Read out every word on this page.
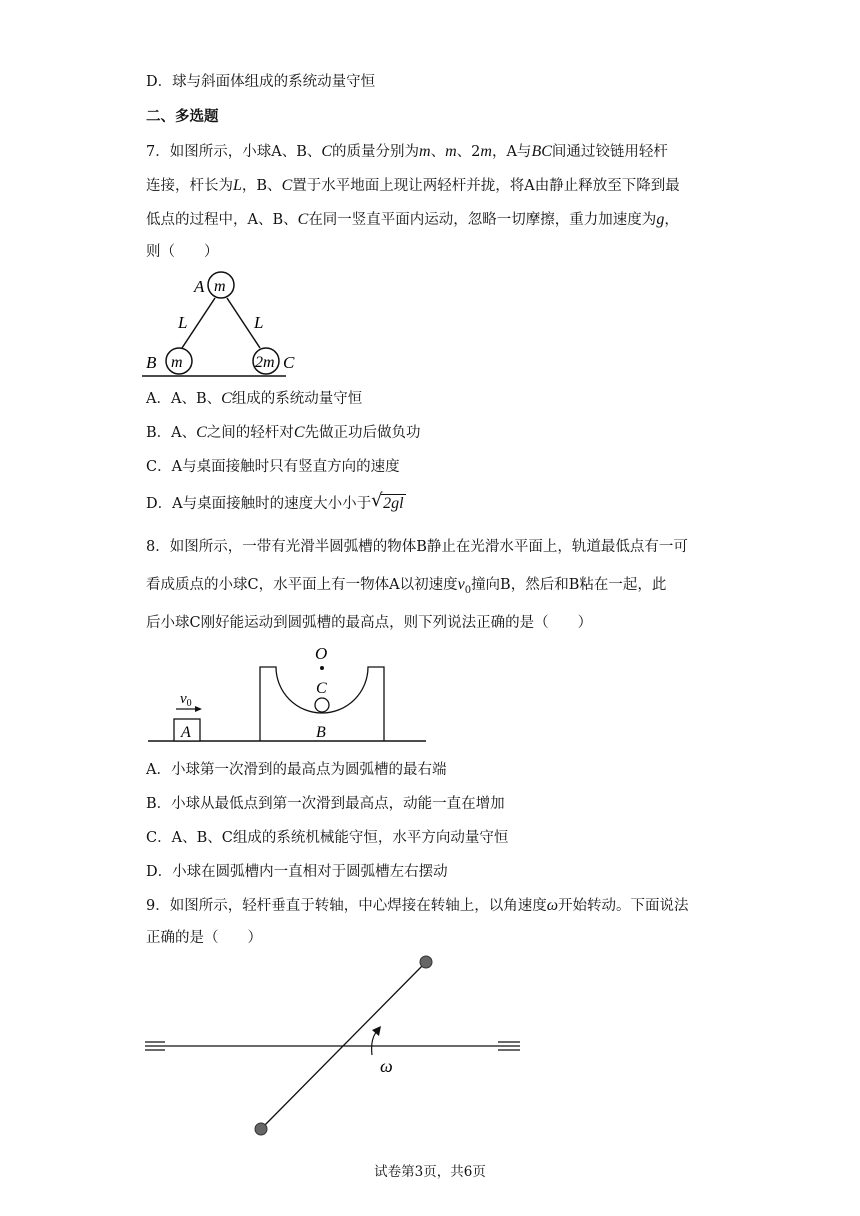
D．球与斜面体组成的系统动量守恒
二、多选题
7．如图所示，小球A、B、C的质量分别为m、m、2m，A与BC间通过铰链用轻杆
连接，杆长为L，B、C置于水平地面上现让两轻杆并拢，将A由静止释放至下降到最
低点的过程中，A、B、C在同一竖直平面内运动，忽略一切摩擦，重力加速度为g，
则（　　）
A m
L	L
B m	2m C
A．A、B、C组成的系统动量守恒
B．A、C之间的轻杆对C先做正功后做负功
C．A与桌面接触时只有竖直方向的速度
D．A与桌面接触时的速度大小小于 √ 2gl
8．如图所示，一带有光滑半圆弧槽的物体B静止在光滑水平面上，轨道最低点有一可
看成质点的小球C，水平面上有一物体A以初速度$v_0$撞向B，然后和B粘在一起，此
后小球C刚好能运动到圆弧槽的最高点，则下列说法正确的是（　　）
O
C
$v_0$
A	B
A．小球第一次滑到的最高点为圆弧槽的最右端
B．小球从最低点到第一次滑到最高点，动能一直在增加
C．A、B、C组成的系统机械能守恒，水平方向动量守恒
D．小球在圆弧槽内一直相对于圆弧槽左右摆动
9．如图所示，轻杆垂直于转轴，中心焊接在转轴上，以角速度ω开始转动。下面说法
正确的是（　　）
ω
试卷第3页，共6页
